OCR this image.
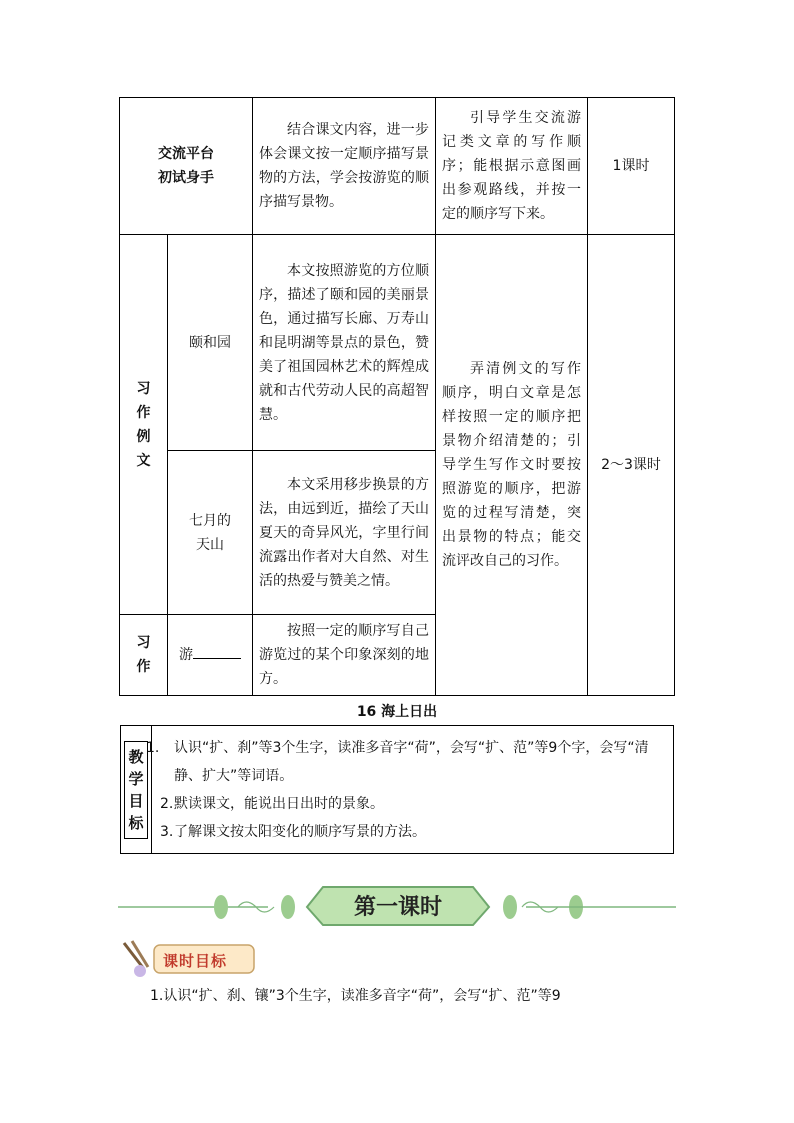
交流平台
初试身手		结合课文内容，进一步体会课文按一定顺序描写景物的方法，学会按游览的顺序描写景物。	引导学生交流游记类文章的写作顺序；能根据示意图画出参观路线，并按一定的顺序写下来。	1课时

习
作
例
文	颐和园	本文按照游览的方位顺序，描述了颐和园的美丽景色，通过描写长廊、万寿山和昆明湖等景点的景色，赞美了祖国园林艺术的辉煌成就和古代劳动人民的高超智慧。	弄清例文的写作顺序，明白文章是怎样按照一定的顺序把景物介绍清楚的；引导学生写作文时要按照游览的顺序，把游览的过程写清楚，突出景物的特点；能交流评改自己的习作。	2～3课时

	七月的
天山	本文采用移步换景的方法，由远到近，描绘了天山夏天的奇异风光，字里行间流露出作者对大自然、对生活的热爱与赞美之情。		

习
作	游	按照一定的顺序写自己游览过的某个印象深刻的地方。		
16 海上日出
教
学
目
标

1. 认识“扩、刹”等3个生字，读准多音字“荷”，会写“扩、范”等9个字，会写“清静、扩大”等词语。
2.默读课文，能说出日出时的景象。
3.了解课文按太阳变化的顺序写景的方法。
第一课时
课时目标
1.认识“扩、刹、镶”3个生字，读准多音字“荷”，会写“扩、范”等9
